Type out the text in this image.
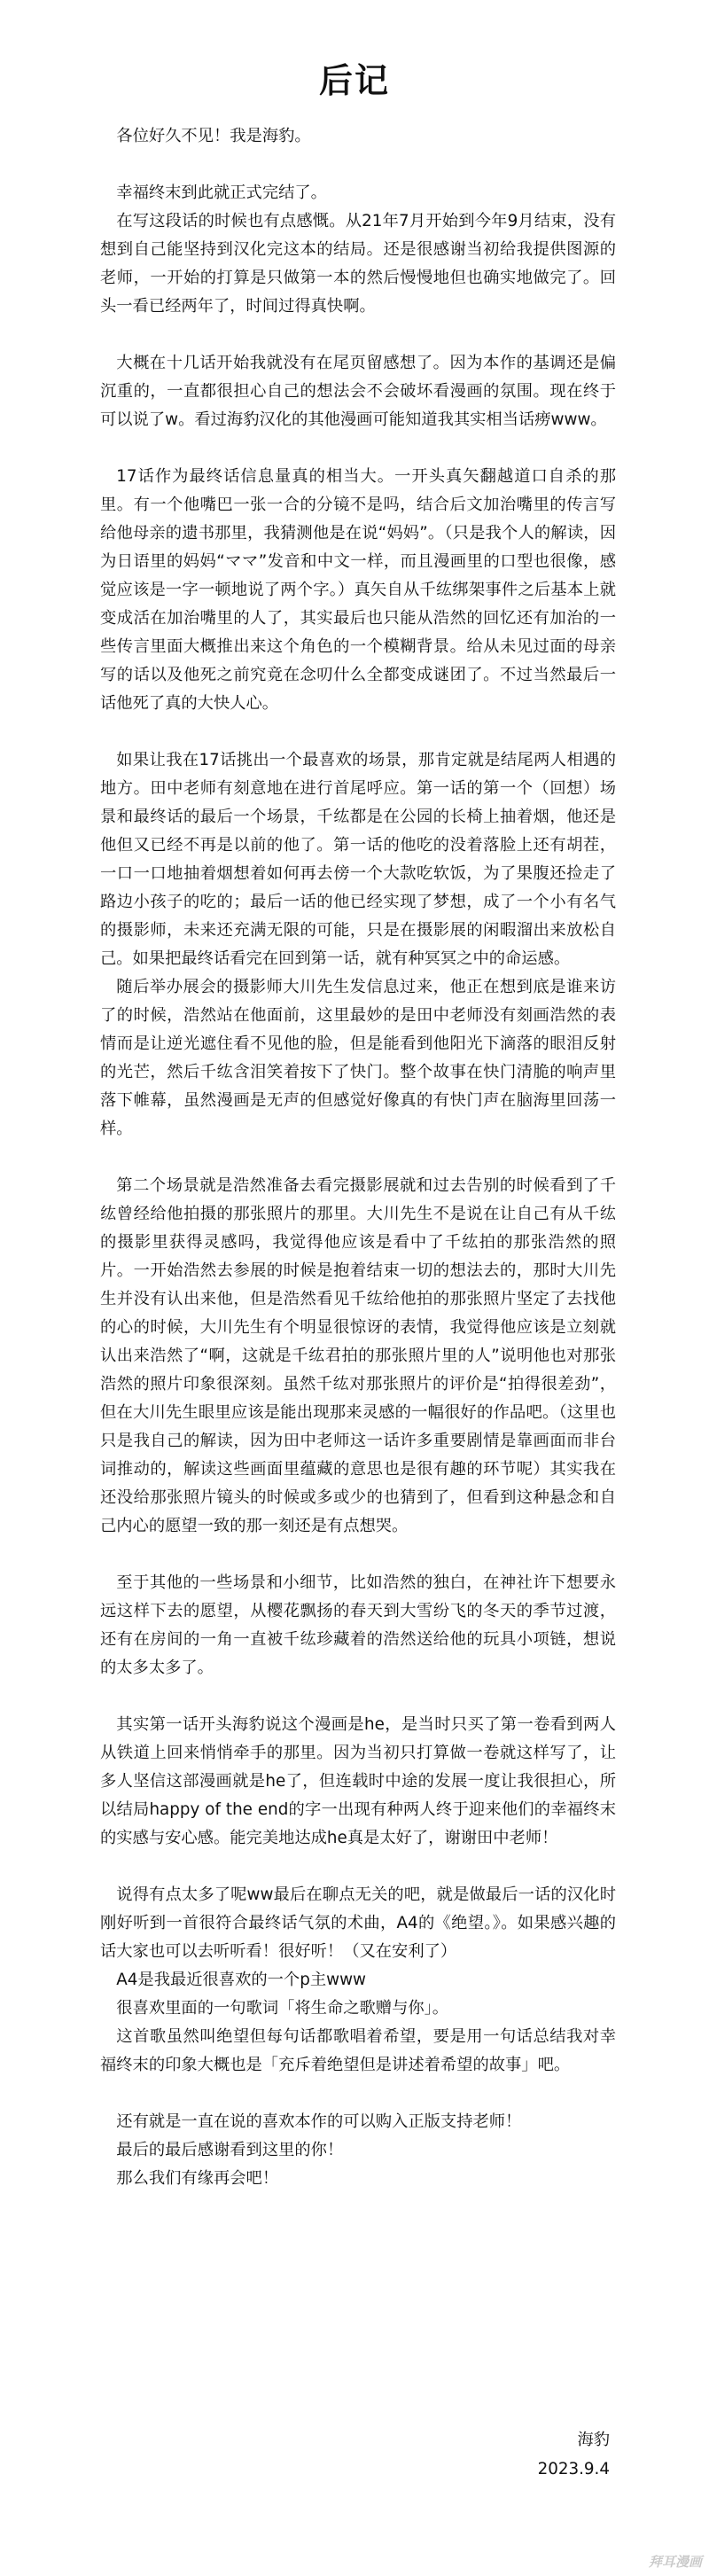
后记

各位好久不见！我是海豹。

幸福终末到此就正式完结了。

在写这段话的时候也有点感慨。从21年7月开始到今年9月结束，没有想到自己能坚持到汉化完这本的结局。还是很感谢当初给我提供图源的老师，一开始的打算是只做第一本的然后慢慢地但也确实地做完了。回头一看已经两年了，时间过得真快啊。

大概在十几话开始我就没有在尾页留感想了。因为本作的基调还是偏沉重的，一直都很担心自己的想法会不会破坏看漫画的氛围。现在终于可以说了w。看过海豹汉化的其他漫画可能知道我其实相当话痨www。

17话作为最终话信息量真的相当大。一开头真矢翻越道口自杀的那里。有一个他嘴巴一张一合的分镜不是吗，结合后文加治嘴里的传言写给他母亲的遗书那里，我猜测他是在说“妈妈”。（只是我个人的解读，因为日语里的妈妈“ママ”发音和中文一样，而且漫画里的口型也很像，感觉应该是一字一顿地说了两个字。）真矢自从千纮绑架事件之后基本上就变成活在加治嘴里的人了，其实最后也只能从浩然的回忆还有加治的一些传言里面大概推出来这个角色的一个模糊背景。给从未见过面的母亲写的话以及他死之前究竟在念叨什么全都变成谜团了。不过当然最后一话他死了真的大快人心。

如果让我在17话挑出一个最喜欢的场景，那肯定就是结尾两人相遇的地方。田中老师有刻意地在进行首尾呼应。第一话的第一个（回想）场景和最终话的最后一个场景，千纮都是在公园的长椅上抽着烟，他还是他但又已经不再是以前的他了。第一话的他吃的没着落脸上还有胡茬，一口一口地抽着烟想着如何再去傍一个大款吃软饭，为了果腹还捡走了路边小孩子的吃的；最后一话的他已经实现了梦想，成了一个小有名气的摄影师，未来还充满无限的可能，只是在摄影展的闲暇溜出来放松自己。如果把最终话看完在回到第一话，就有种冥冥之中的命运感。

随后举办展会的摄影师大川先生发信息过来，他正在想到底是谁来访了的时候，浩然站在他面前，这里最妙的是田中老师没有刻画浩然的表情而是让逆光遮住看不见他的脸，但是能看到他阳光下滴落的眼泪反射的光芒，然后千纮含泪笑着按下了快门。整个故事在快门清脆的响声里落下帷幕，虽然漫画是无声的但感觉好像真的有快门声在脑海里回荡一样。

第二个场景就是浩然准备去看完摄影展就和过去告别的时候看到了千纮曾经给他拍摄的那张照片的那里。大川先生不是说在让自己有从千纮的摄影里获得灵感吗，我觉得他应该是看中了千纮拍的那张浩然的照片。一开始浩然去参展的时候是抱着结束一切的想法去的，那时大川先生并没有认出来他，但是浩然看见千纮给他拍的那张照片坚定了去找他的心的时候，大川先生有个明显很惊讶的表情，我觉得他应该是立刻就认出来浩然了“啊，这就是千纮君拍的那张照片里的人”说明他也对那张浩然的照片印象很深刻。虽然千纮对那张照片的评价是“拍得很差劲”，但在大川先生眼里应该是能出现那来灵感的一幅很好的作品吧。（这里也只是我自己的解读，因为田中老师这一话许多重要剧情是靠画面而非台词推动的，解读这些画面里蕴藏的意思也是很有趣的环节呢）其实我在还没给那张照片镜头的时候或多或少的也猜到了，但看到这种悬念和自己内心的愿望一致的那一刻还是有点想哭。

至于其他的一些场景和小细节，比如浩然的独白，在神社许下想要永远这样下去的愿望，从樱花飘扬的春天到大雪纷飞的冬天的季节过渡，还有在房间的一角一直被千纮珍藏着的浩然送给他的玩具小项链，想说的太多太多了。

其实第一话开头海豹说这个漫画是he，是当时只买了第一卷看到两人从铁道上回来悄悄牵手的那里。因为当初只打算做一卷就这样写了，让多人坚信这部漫画就是he了，但连载时中途的发展一度让我很担心，所以结局happy of the end的字一出现有种两人终于迎来他们的幸福终末的实感与安心感。能完美地达成he真是太好了，谢谢田中老师！

说得有点太多了呢ww最后在聊点无关的吧，就是做最后一话的汉化时刚好听到一首很符合最终话气氛的术曲，A4的《绝望。》。如果感兴趣的话大家也可以去听听看！很好听！（又在安利了）

A4是我最近很喜欢的一个p主www

很喜欢里面的一句歌词「将生命之歌赠与你」。

这首歌虽然叫绝望但每句话都歌唱着希望，要是用一句话总结我对幸福终末的印象大概也是「充斥着绝望但是讲述着希望的故事」吧。

还有就是一直在说的喜欢本作的可以购入正版支持老师！

最后的最后感谢看到这里的你！

那么我们有缘再会吧！

海豹
2023.9.4
拜耳漫画
